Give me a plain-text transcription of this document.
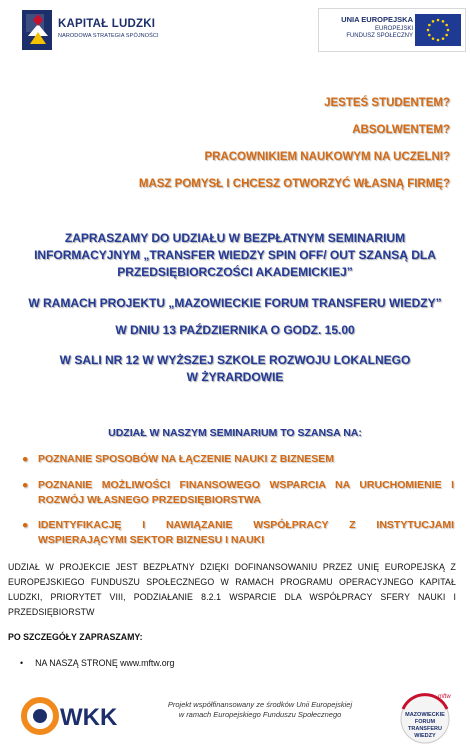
KAPITAŁ LUDZKI
NARODOWA STRATEGIA SPÓJNOŚCI
UNIA EUROPEJSKA
EUROPEJSKI
FUNDUSZ SPOŁECZNY
JESTEŚ STUDENTEM?
ABSOLWENTEM?
PRACOWNIKIEM NAUKOWYM NA UCZELNI?
MASZ POMYSŁ I CHCESZ OTWORZYĆ WŁASNĄ FIRMĘ?
ZAPRASZAMY DO UDZIAŁU W BEZPŁATNYM SEMINARIUM
INFORMACYJNYM „TRANSFER WIEDZY SPIN OFF/ OUT SZANSĄ DLA
PRZEDSIĘBIORCZOŚCI AKADEMICKIEJ”
W RAMACH PROJEKTU „MAZOWIECKIE FORUM TRANSFERU WIEDZY”
W DNIU 13 PAŹDZIERNIKA O GODZ. 15.00
W SALI NR 12 W WYŻSZEJ SZKOLE ROZWOJU LOKALNEGO
W ŻYRARDOWIE
UDZIAŁ W NASZYM SEMINARIUM TO SZANSA NA:
● POZNANIE SPOSOBÓW NA ŁĄCZENIE NAUKI Z BIZNESEM
● POZNANIE MOŻLIWOŚCI FINANSOWEGO WSPARCIA NA URUCHOMIENIE I ROZWÓJ WŁASNEGO PRZEDSIĘBIORSTWA
● IDENTYFIKACJĘ I NAWIĄZANIE WSPÓŁPRACY Z INSTYTUCJAMI WSPIERAJĄCYMI SEKTOR BIZNESU I NAUKI
UDZIAŁ W PROJEKCIE JEST BEZPŁATNY DZIĘKI DOFINANSOWANIU PRZEZ UNIĘ EUROPEJSKĄ Z EUROPEJSKIEGO FUNDUSZU SPOŁECZNEGO W RAMACH PROGRAMU OPERACYJNEGO KAPITAŁ LUDZKI, PRIORYTET VIII, PODZIAŁANIE 8.2.1 WSPARCIE DLA WSPÓŁPRACY SFERY NAUKI I PRZEDSIĘBIORSTW
PO SZCZEGÓŁY ZAPRASZAMY:
• NA NASZĄ STRONĘ www.mftw.org
WKK	Projekt współfinansowany ze środków Unii Europejskiej
w ramach Europejskiego Funduszu Społecznego
mftw
MAZOWIECKIE
FORUM
TRANSFERU
WIEDZY
